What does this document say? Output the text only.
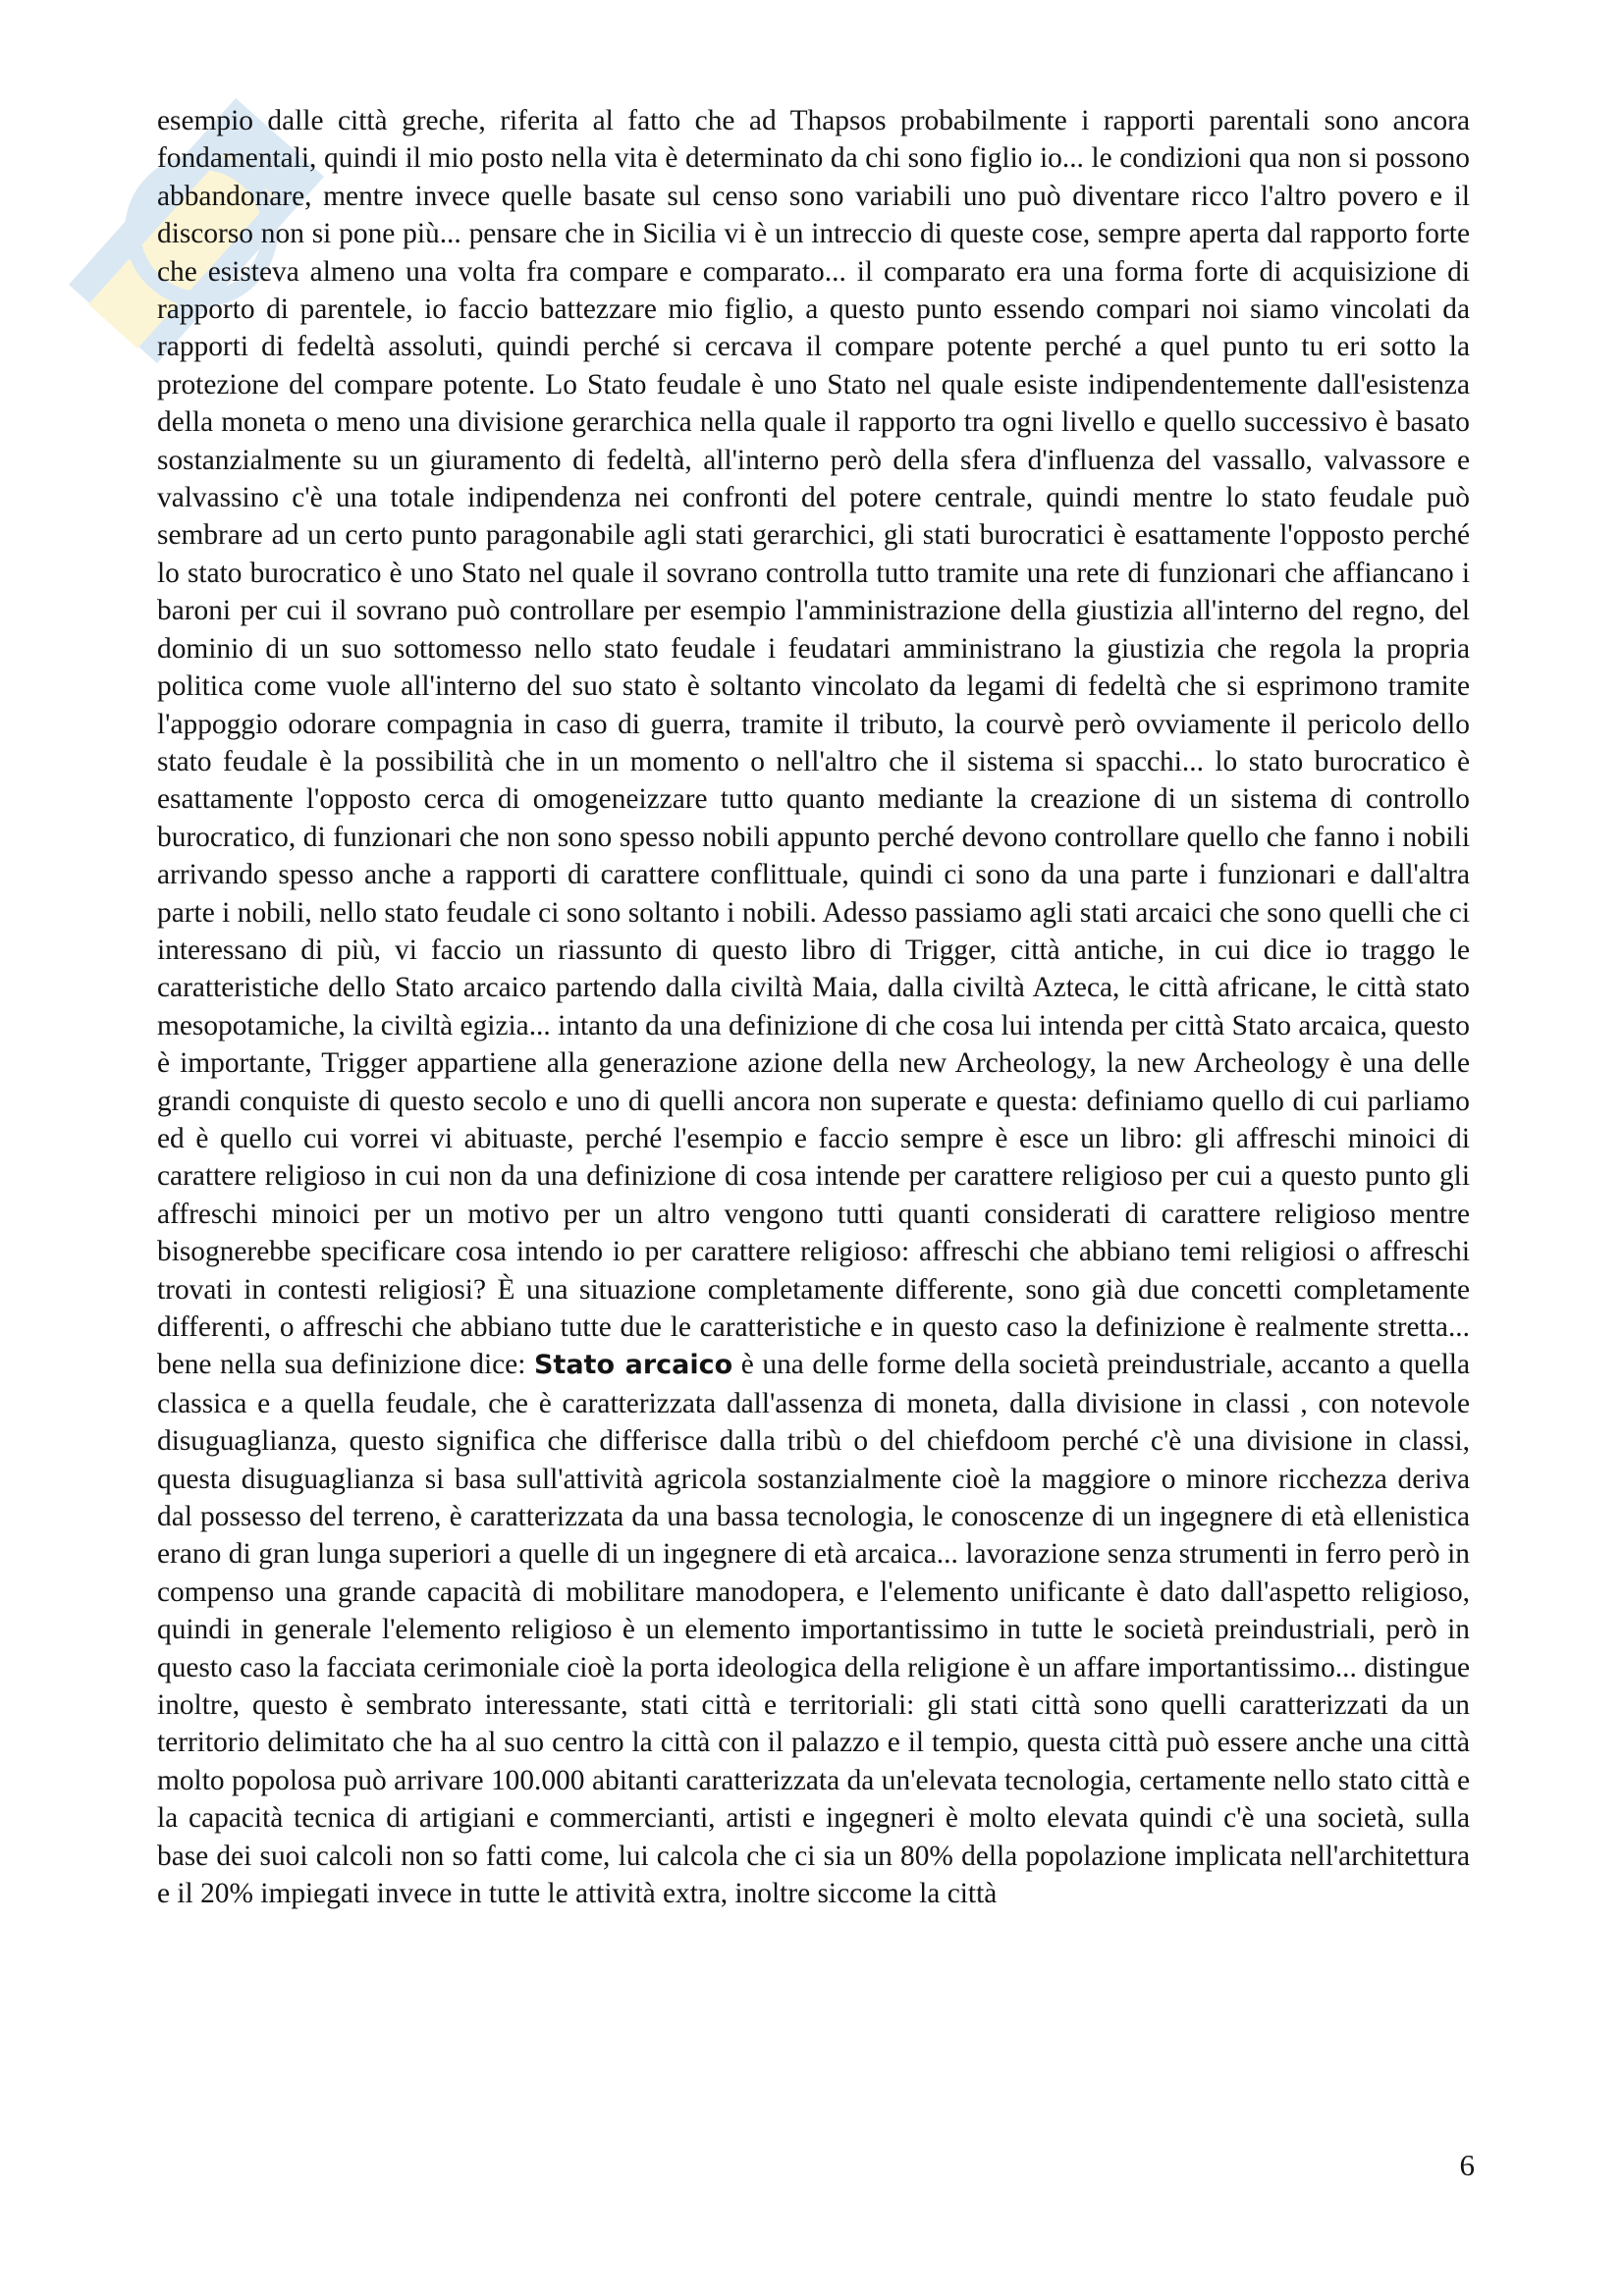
esempio dalle città greche, riferita al fatto che ad Thapsos probabilmente i rapporti parentali sono ancora fondamentali, quindi il mio posto nella vita è determinato da chi sono figlio io... le condizioni qua non si possono abbandonare, mentre invece quelle basate sul censo sono variabili uno può diventare ricco l'altro povero e il discorso non si pone più... pensare che in Sicilia vi è un intreccio di queste cose, sempre aperta dal rapporto forte che esisteva almeno una volta fra compare e comparato... il comparato era una forma forte di acquisizione di rapporto di parentele, io faccio battezzare mio figlio, a questo punto essendo compari noi siamo vincolati da rapporti di fedeltà assoluti, quindi perché si cercava il compare potente perché a quel punto tu eri sotto la protezione del compare potente. Lo Stato feudale è uno Stato nel quale esiste indipendentemente dall'esistenza della moneta o meno una divisione gerarchica nella quale il rapporto tra ogni livello e quello successivo è basato sostanzialmente su un giuramento di fedeltà, all'interno però della sfera d'influenza del vassallo, valvassore e valvassino c'è una totale indipendenza nei confronti del potere centrale, quindi mentre lo stato feudale può sembrare ad un certo punto paragonabile agli stati gerarchici, gli stati burocratici è esattamente l'opposto perché lo stato burocratico è uno Stato nel quale il sovrano controlla tutto tramite una rete di funzionari che affiancano i baroni per cui il sovrano può controllare per esempio l'amministrazione della giustizia all'interno del regno, del dominio di un suo sottomesso nello stato feudale i feudatari amministrano la giustizia che regola la propria politica come vuole all'interno del suo stato è soltanto vincolato da legami di fedeltà che si esprimono tramite l'appoggio odorare compagnia in caso di guerra, tramite il tributo, la courvè però ovviamente il pericolo dello stato feudale è la possibilità che in un momento o nell'altro che il sistema si spacchi... lo stato burocratico è esattamente l'opposto cerca di omogeneizzare tutto quanto mediante la creazione di un sistema di controllo burocratico, di funzionari che non sono spesso nobili appunto perché devono controllare quello che fanno i nobili arrivando spesso anche a rapporti di carattere conflittuale, quindi ci sono da una parte i funzionari e dall'altra parte i nobili, nello stato feudale ci sono soltanto i nobili. Adesso passiamo agli stati arcaici che sono quelli che ci interessano di più, vi faccio un riassunto di questo libro di Trigger, città antiche, in cui dice io traggo le caratteristiche dello Stato arcaico partendo dalla civiltà Maia, dalla civiltà Azteca, le città africane, le città stato mesopotamiche, la civiltà egizia... intanto da una definizione di che cosa lui intenda per città Stato arcaica, questo è importante, Trigger appartiene alla generazione azione della new Archeology, la new Archeology è una delle grandi conquiste di questo secolo e uno di quelli ancora non superate e questa: definiamo quello di cui parliamo ed è quello cui vorrei vi abituaste, perché l'esempio e faccio sempre è esce un libro: gli affreschi minoici di carattere religioso in cui non da una definizione di cosa intende per carattere religioso per cui a questo punto gli affreschi minoici per un motivo per un altro vengono tutti quanti considerati di carattere religioso mentre bisognerebbe specificare cosa intendo io per carattere religioso: affreschi che abbiano temi religiosi o affreschi trovati in contesti religiosi? È una situazione completamente differente, sono già due concetti completamente differenti, o affreschi che abbiano tutte due le caratteristiche e in questo caso la definizione è realmente stretta... bene nella sua definizione dice: Stato arcaico è una delle forme della società preindustriale, accanto a quella classica e a quella feudale, che è caratterizzata dall'assenza di moneta, dalla divisione in classi , con notevole disuguaglianza, questo significa che differisce dalla tribù o del chiefdoom perché c'è una divisione in classi, questa disuguaglianza si basa sull'attività agricola sostanzialmente cioè la maggiore o minore ricchezza deriva dal possesso del terreno, è caratterizzata da una bassa tecnologia, le conoscenze di un ingegnere di età ellenistica erano di gran lunga superiori a quelle di un ingegnere di età arcaica... lavorazione senza strumenti in ferro però in compenso una grande capacità di mobilitare manodopera, e l'elemento unificante è dato dall'aspetto religioso, quindi in generale l'elemento religioso è un elemento importantissimo in tutte le società preindustriali, però in questo caso la facciata cerimoniale cioè la porta ideologica della religione è un affare importantissimo... distingue inoltre, questo è sembrato interessante, stati città e territoriali: gli stati città sono quelli caratterizzati da un territorio delimitato che ha al suo centro la città con il palazzo e il tempio, questa città può essere anche una città molto popolosa può arrivare 100.000 abitanti caratterizzata da un'elevata tecnologia, certamente nello stato città e la capacità tecnica di artigiani e commercianti, artisti e ingegneri è molto elevata quindi c'è una società, sulla base dei suoi calcoli non so fatti come, lui calcola che ci sia un 80% della popolazione implicata nell'architettura e il 20% impiegati invece in tutte le attività extra, inoltre siccome la città

6
